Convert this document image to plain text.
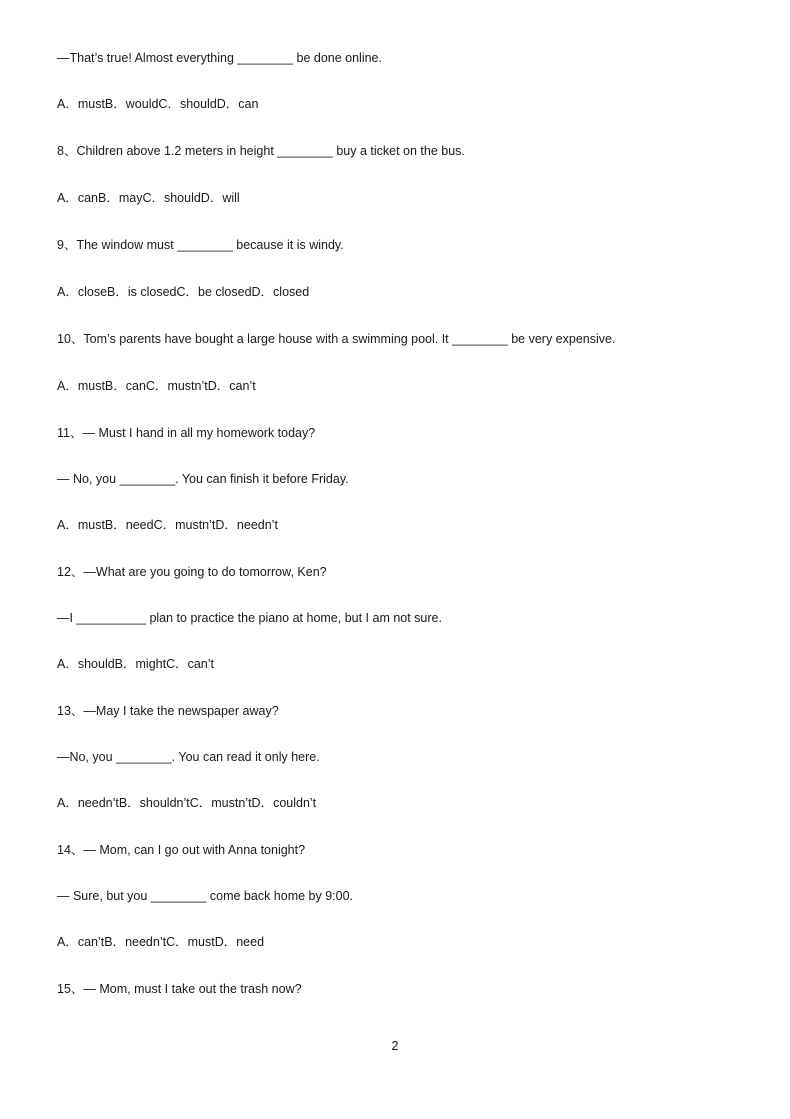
—That’s true! Almost everything ________ be done online.
A．mustB．wouldC．shouldD．can
8、Children above 1.2 meters in height ________ buy a ticket on the bus.
A．canB．mayC．shouldD．will
9、The window must ________ because it is windy.
A．closeB．is closedC．be closedD．closed
10、Tom’s parents have bought a large house with a swimming pool. It ________ be very expensive.
A．mustB．canC．mustn’tD．can’t
11、— Must I hand in all my homework today?
— No, you ________. You can finish it before Friday.
A．mustB．needC．mustn’tD．needn’t
12、—What are you going to do tomorrow, Ken?
—I __________ plan to practice the piano at home, but I am not sure.
A．shouldB．mightC．can’t
13、—May I take the newspaper away?
—No, you ________. You can read it only here.
A．needn’tB．shouldn’tC．mustn’tD．couldn’t
14、— Mom, can I go out with Anna tonight?
— Sure, but you ________ come back home by 9:00.
A．can’tB．needn’tC．mustD．need
15、— Mom, must I take out the trash now?
2
